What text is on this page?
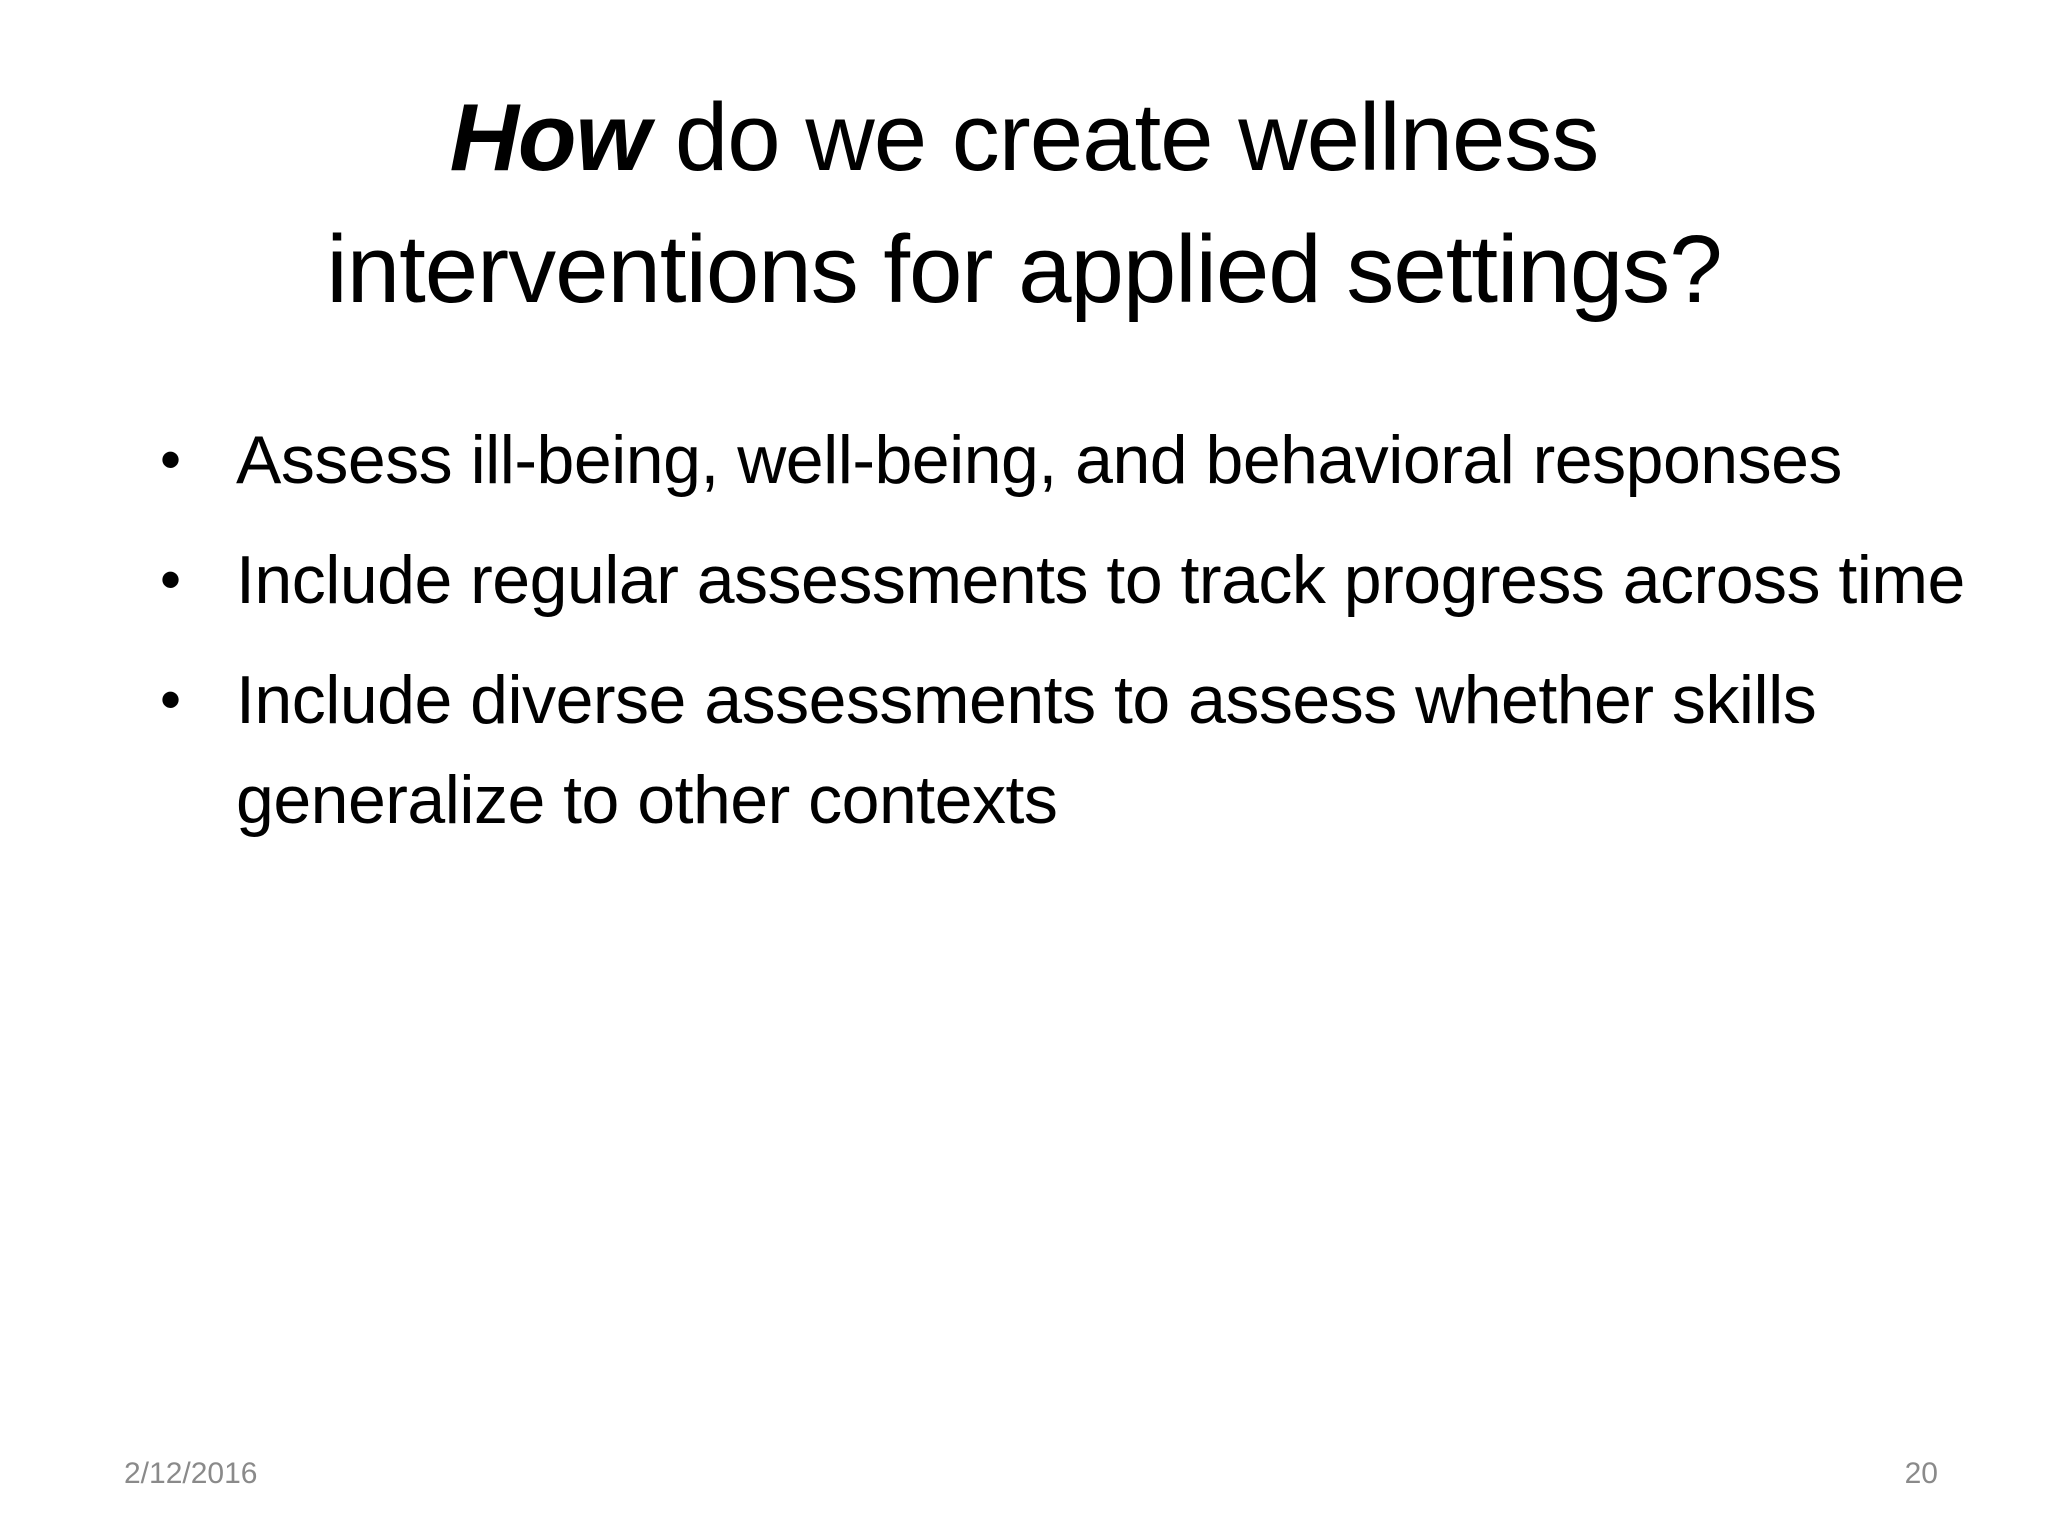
How do we create wellness
interventions for applied settings?
• Assess ill-being, well-being, and behavioral responses
• Include regular assessments to track progress across time
• Include diverse assessments to assess whether skills generalize to other contexts
2/12/2016	20
